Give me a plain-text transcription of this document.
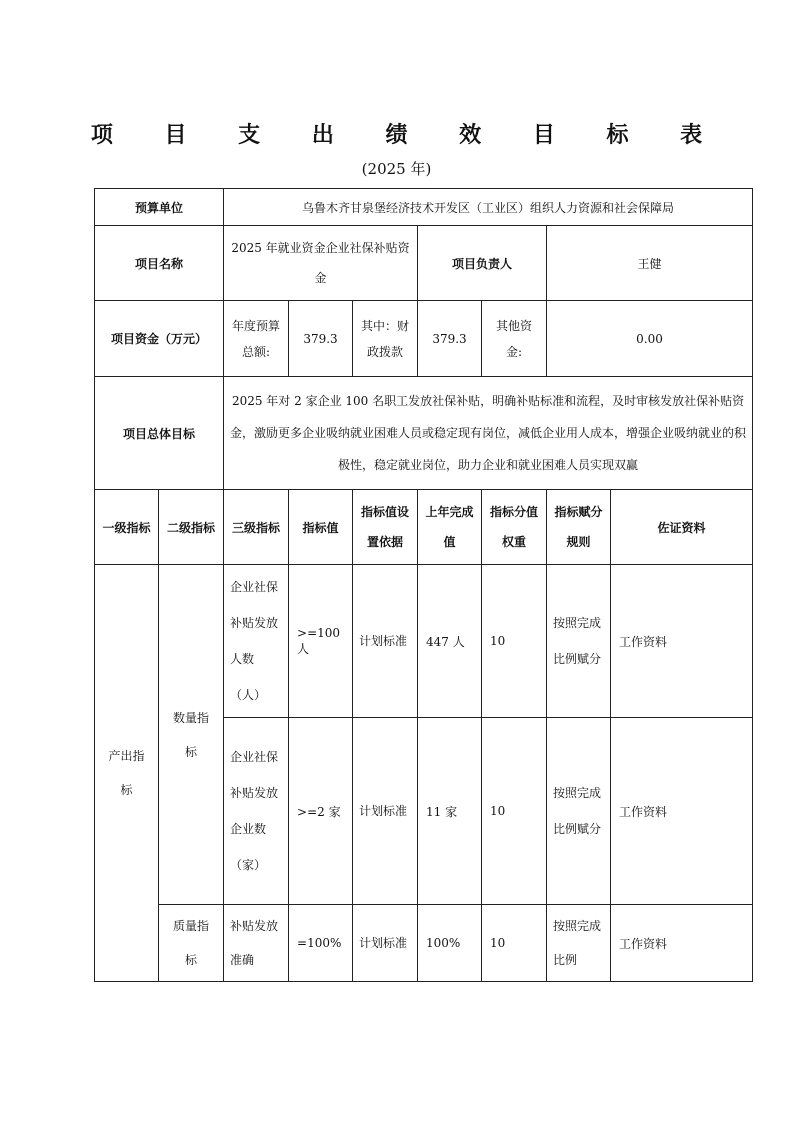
项 目 支 出 绩 效 目 标 表
(2025 年)
预算单位		乌鲁木齐甘泉堡经济技术开发区（工业区）组织人力资源和社会保障局						
项目名称		2025 年就业资金企业社保补贴资金			项目负责人		王健	
项目资金（万元）		年度预算总额:	379.3	其中：财政拨款	379.3	其他资金:	0.00	
项目总体目标		2025 年对 2 家企业 100 名职工发放社保补贴，明确补贴标准和流程，及时审核发放社保补贴资金，激励更多企业吸纳就业困难人员或稳定现有岗位，减低企业用人成本，增强企业吸纳就业的积极性，稳定就业岗位，助力企业和就业困难人员实现双赢						
一级指标	二级指标	三级指标	指标值	指标值设置依据	上年完成值	指标分值权重	指标赋分规则	佐证资料
产出指标	数量指标	企业社保补贴发放人数（人）	>=100 人	计划标准	447 人	10	按照完成比例赋分	工作资料
		企业社保补贴发放企业数（家）	>=2 家	计划标准	11 家	10	按照完成比例赋分	工作资料
	质量指标	补贴发放准确	=100%	计划标准	100%	10	按照完成比例	工作资料
